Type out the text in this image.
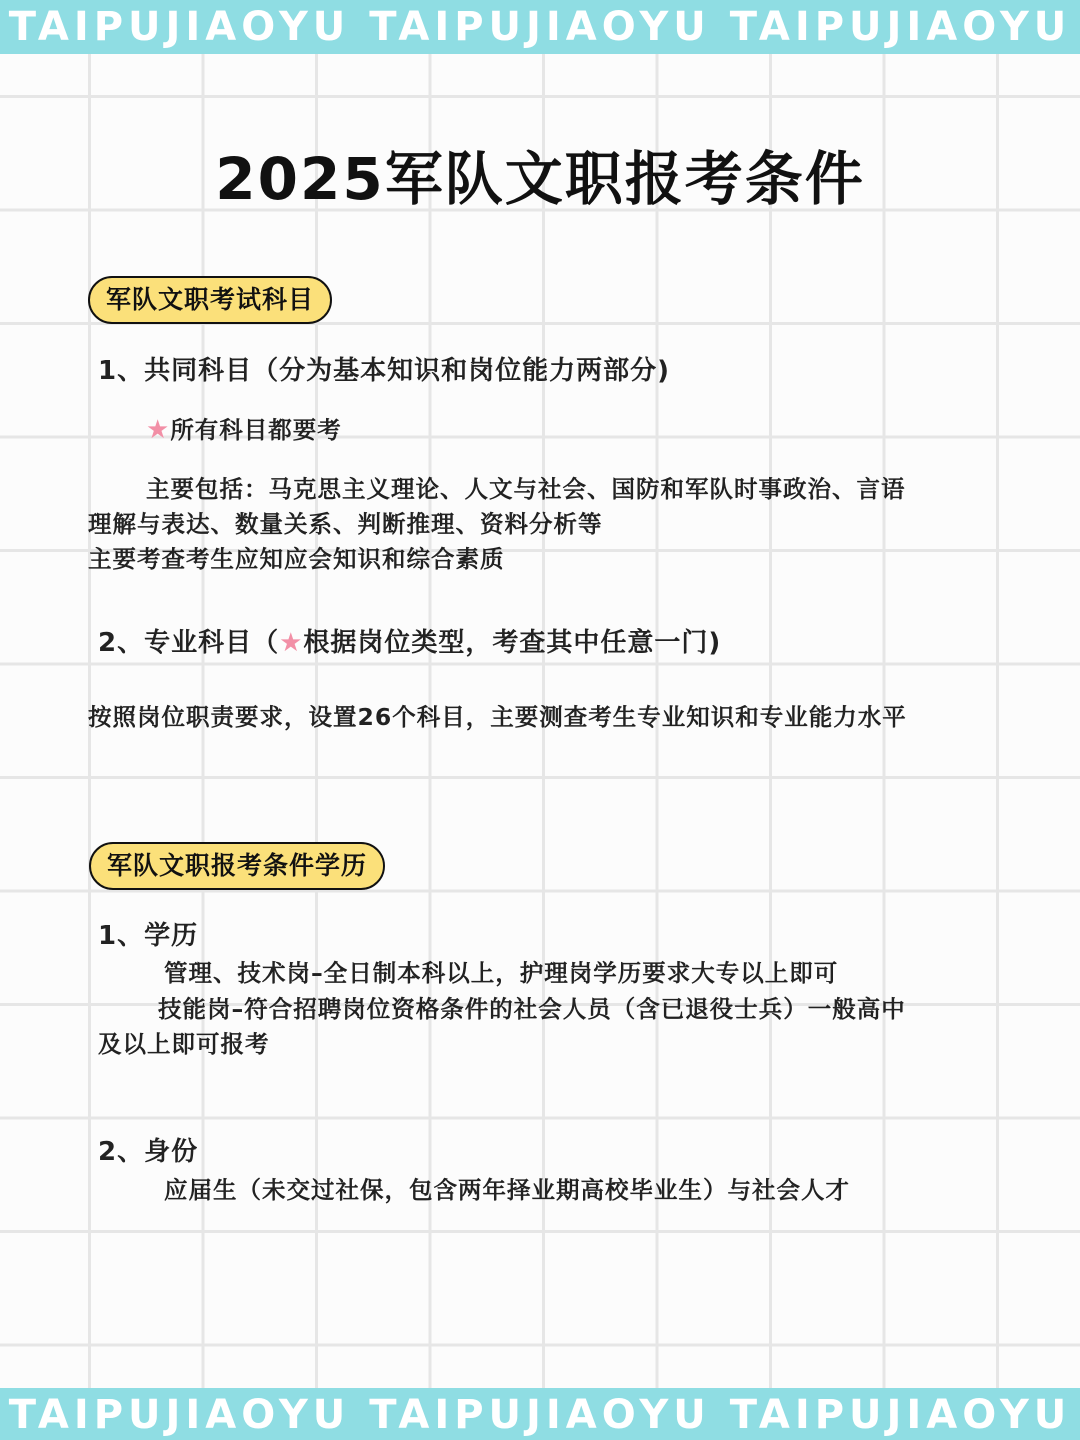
TAIPUJIAOYU TAIPUJIAOYU TAIPUJIAOYU
2025军队文职报考条件
军队文职考试科目
1、共同科目（分为基本知识和岗位能力两部分)
★所有科目都要考
主要包括：马克思主义理论、人文与社会、国防和军队时事政治、言语
理解与表达、数量关系、判断推理、资料分析等
主要考查考生应知应会知识和综合素质
2、专业科目（★根据岗位类型，考查其中任意一门)
按照岗位职责要求，设置26个科目，主要测查考生专业知识和专业能力水平
军队文职报考条件学历
1、学历
管理、技术岗–全日制本科以上，护理岗学历要求大专以上即可
技能岗–符合招聘岗位资格条件的社会人员（含已退役士兵）一般高中
及以上即可报考
2、身份
应届生（未交过社保，包含两年择业期高校毕业生）与社会人才
TAIPUJIAOYU TAIPUJIAOYU TAIPUJIAOYU
